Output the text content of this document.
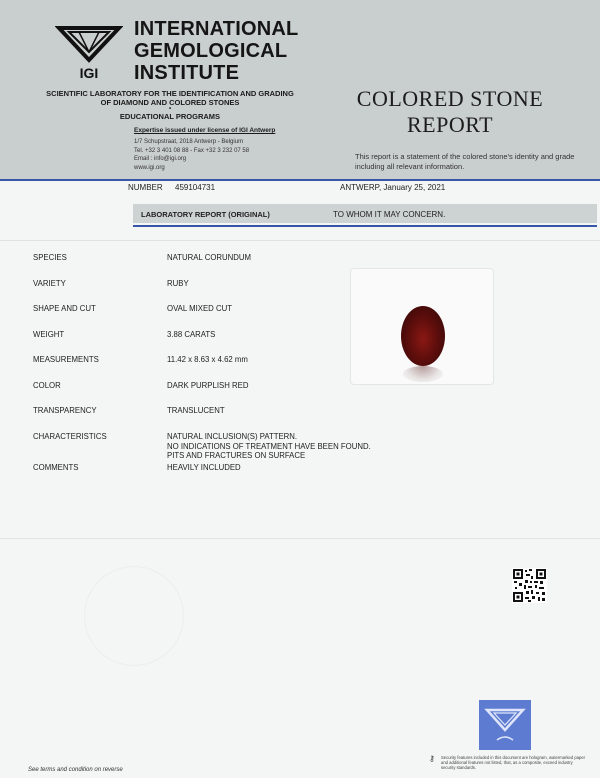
IGI
INTERNATIONAL
GEMOLOGICAL
INSTITUTE
SCIENTIFIC LABORATORY FOR THE IDENTIFICATION AND GRADING
OF DIAMOND AND COLORED STONES
•
EDUCATIONAL PROGRAMS
Expertise issued under license of IGI Antwerp
1/7 Schupstraat, 2018 Antwerp - Belgium
Tel. +32 3 401 08 88 - Fax +32 3 232 07 58
Email : info@igi.org
www.igi.org
COLORED STONE
REPORT
This report is a statement of the colored stone's identity and grade including all relevant information.
NUMBER 459104731	ANTWERP, January 25, 2021
LABORATORY REPORT (ORIGINAL)	TO WHOM IT MAY CONCERN.
SPECIES	NATURAL CORUNDUM
VARIETY	RUBY
SHAPE AND CUT	OVAL MIXED CUT
WEIGHT	3.88 CARATS
MEASUREMENTS	11.42 x 8.63 x 4.62 mm
COLOR	DARK PURPLISH RED
TRANSPARENCY	TRANSLUCENT
CHARACTERISTICS	NATURAL INCLUSION(S) PATTERN.
NO INDICATIONS OF TREATMENT HAVE BEEN FOUND.
PITS AND FRACTURES ON SURFACE
COMMENTS	HEAVILY INCLUDED
⚷ Security features included in this document are hologram, watermarked paper and additional features not listed, that, as a composite, exceed industry security standards.
See terms and condition on reverse
